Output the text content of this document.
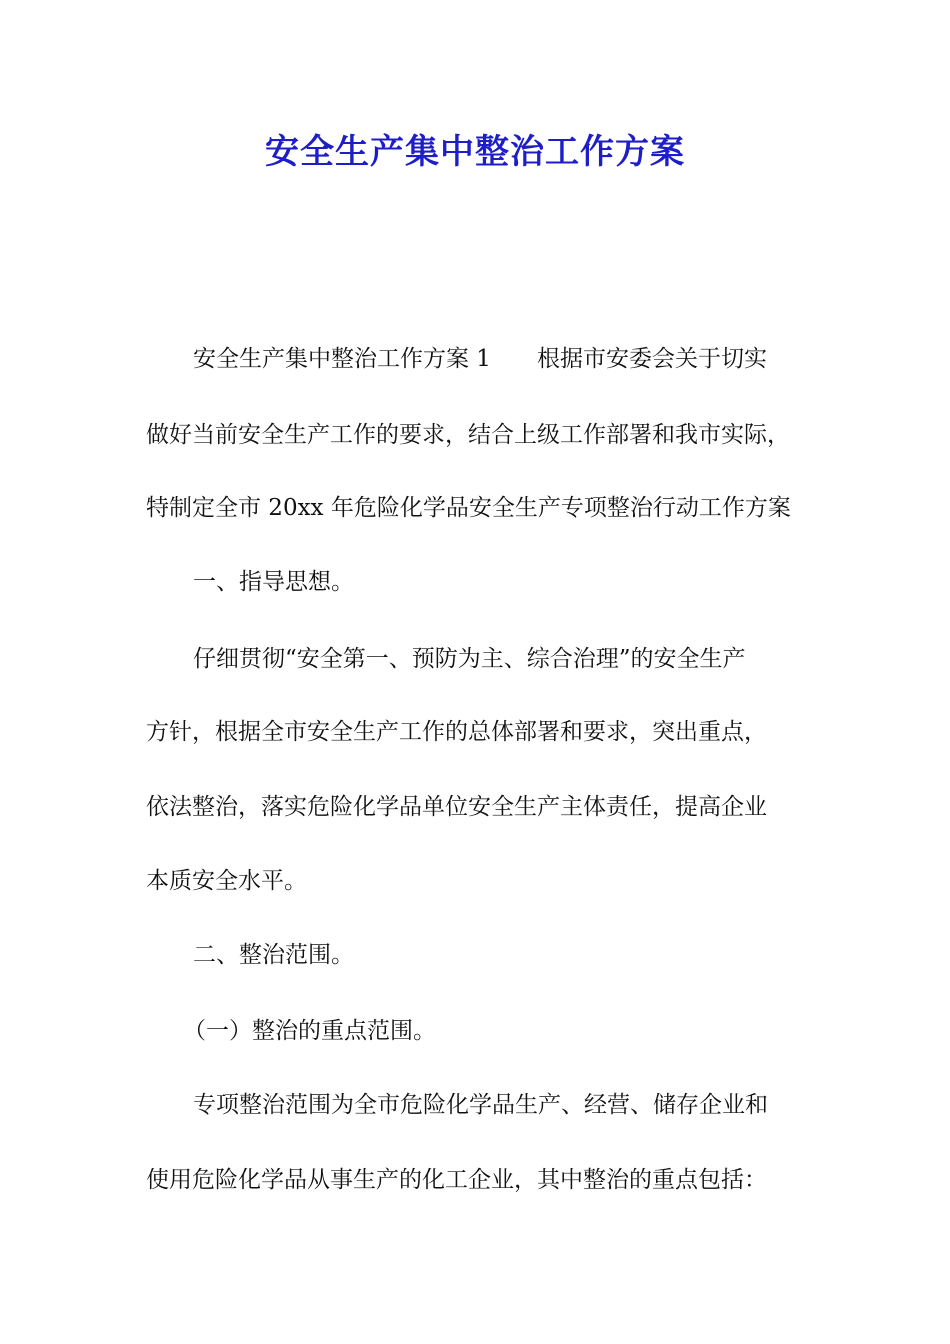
安全生产集中整治工作方案
安全生产集中整治工作方案 1 根据市安委会关于切实
做好当前安全生产工作的要求，结合上级工作部署和我市实际，
特制定全市 20xx 年危险化学品安全生产专项整治行动工作方案
一、指导思想。
仔细贯彻“安全第一、预防为主、综合治理”的安全生产
方针，根据全市安全生产工作的总体部署和要求，突出重点，
依法整治，落实危险化学品单位安全生产主体责任，提高企业
本质安全水平。
二、整治范围。
（一）整治的重点范围。
专项整治范围为全市危险化学品生产、经营、储存企业和
使用危险化学品从事生产的化工企业，其中整治的重点包括：
